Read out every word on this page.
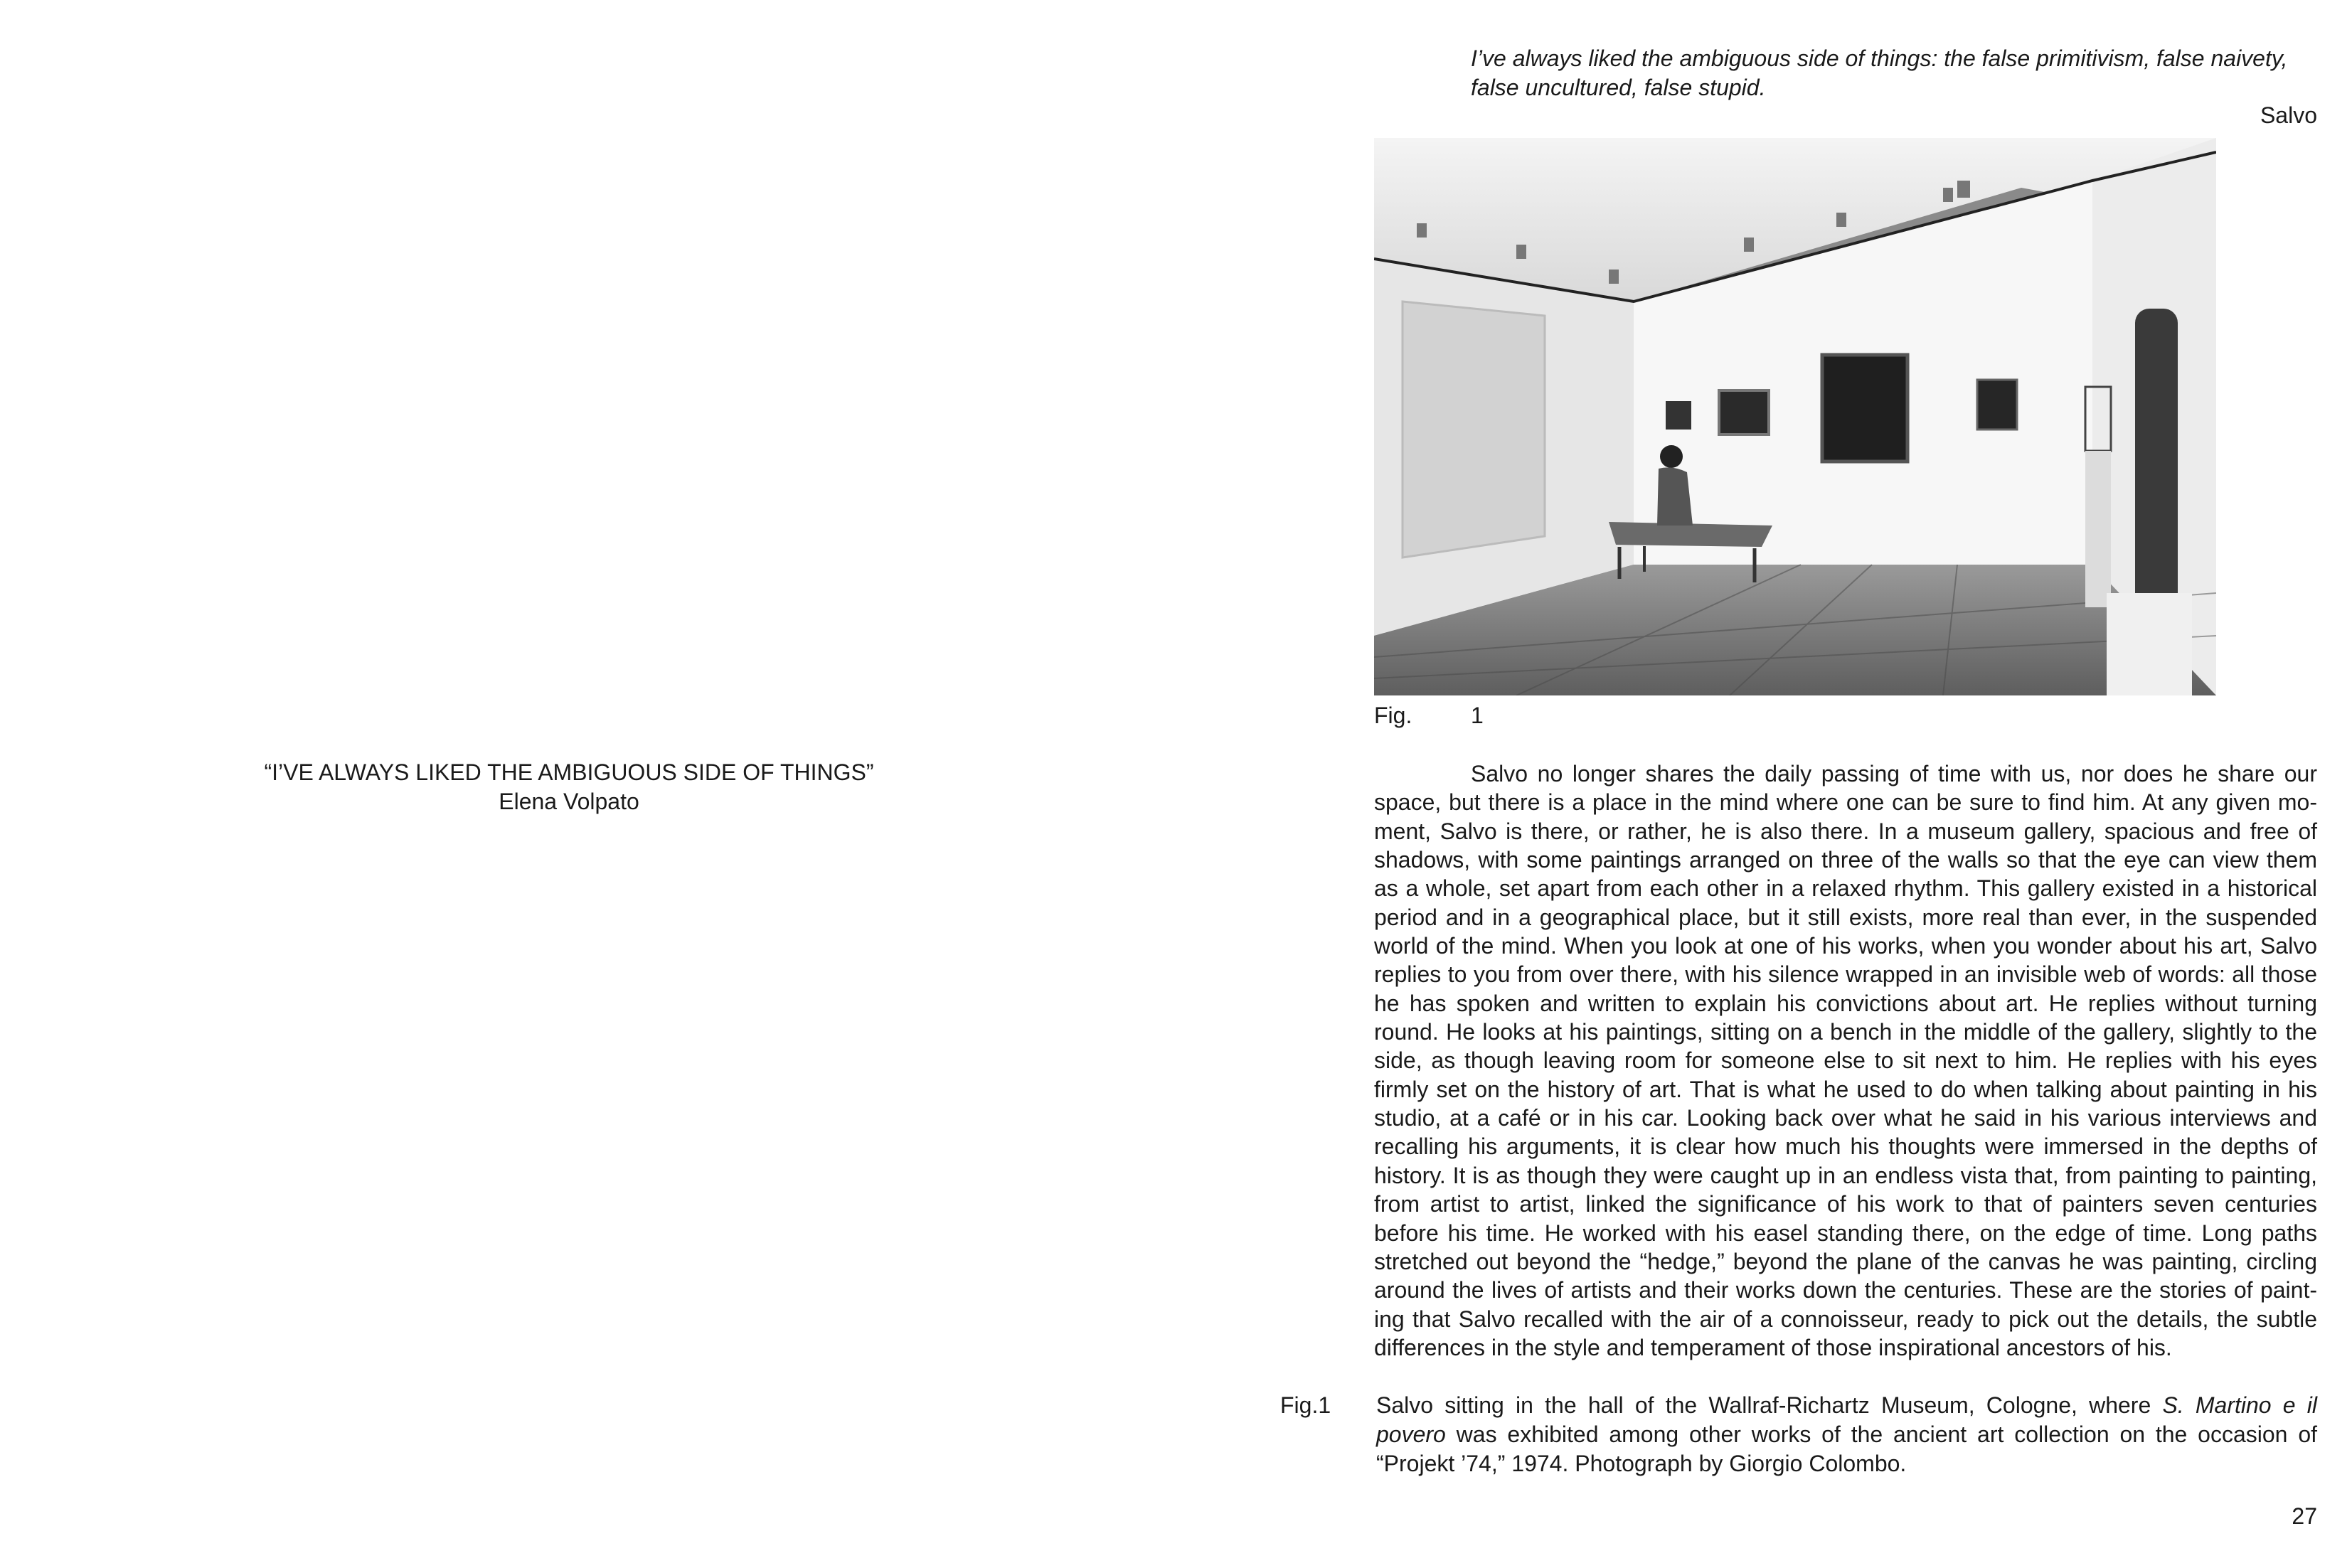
“I’VE ALWAYS LIKED THE AMBIGUOUS SIDE OF THINGS”
Elena Volpato
I’ve always liked the ambiguous side of things: the false primitivism, false naivety, false uncultured, false stupid.
Salvo
Fig.	1

Salvo no longer shares the daily passing of time with us, nor does he share our space, but there is a place in the mind where one can be sure to find him. At any given moment, Salvo is there, or rather, he is also there. In a museum gallery, spacious and free of shadows, with some paintings arranged on three of the walls so that the eye can view them as a whole, set apart from each other in a relaxed rhythm. This gallery existed in a historical period and in a geographical place, but it still exists, more real than ever, in the suspended world of the mind. When you look at one of his works, when you wonder about his art, Salvo replies to you from over there, with his silence wrapped in an invisible web of words: all those he has spoken and written to explain his convictions about art. He replies without turning round. He looks at his paintings, sitting on a bench in the middle of the gallery, slightly to the side, as though leaving room for someone else to sit next to him. He replies with his eyes firmly set on the history of art. That is what he used to do when talking about painting in his studio, at a café or in his car. Looking back over what he said in his various interviews and recalling his arguments, it is clear how much his thoughts were immersed in the depths of history. It is as though they were caught up in an endless vista that, from painting to painting, from artist to artist, linked the significance of his work to that of painters seven centuries before his time. He worked with his easel standing there, on the edge of time. Long paths stretched out beyond the “hedge,” beyond the plane of the canvas he was painting, circling around the lives of artists and their works down the centuries. These are the stories of painting that Salvo recalled with the air of a connoisseur, ready to pick out the details, the subtle differences in the style and temperament of those inspirational ancestors of his.

Fig.1 Salvo sitting in the hall of the Wallraf-Richartz Museum, Cologne, where S. Martino e il povero was exhibited among other works of the ancient art collection on the occasion of “Projekt ’74,” 1974. Photograph by Giorgio Colombo.

27
